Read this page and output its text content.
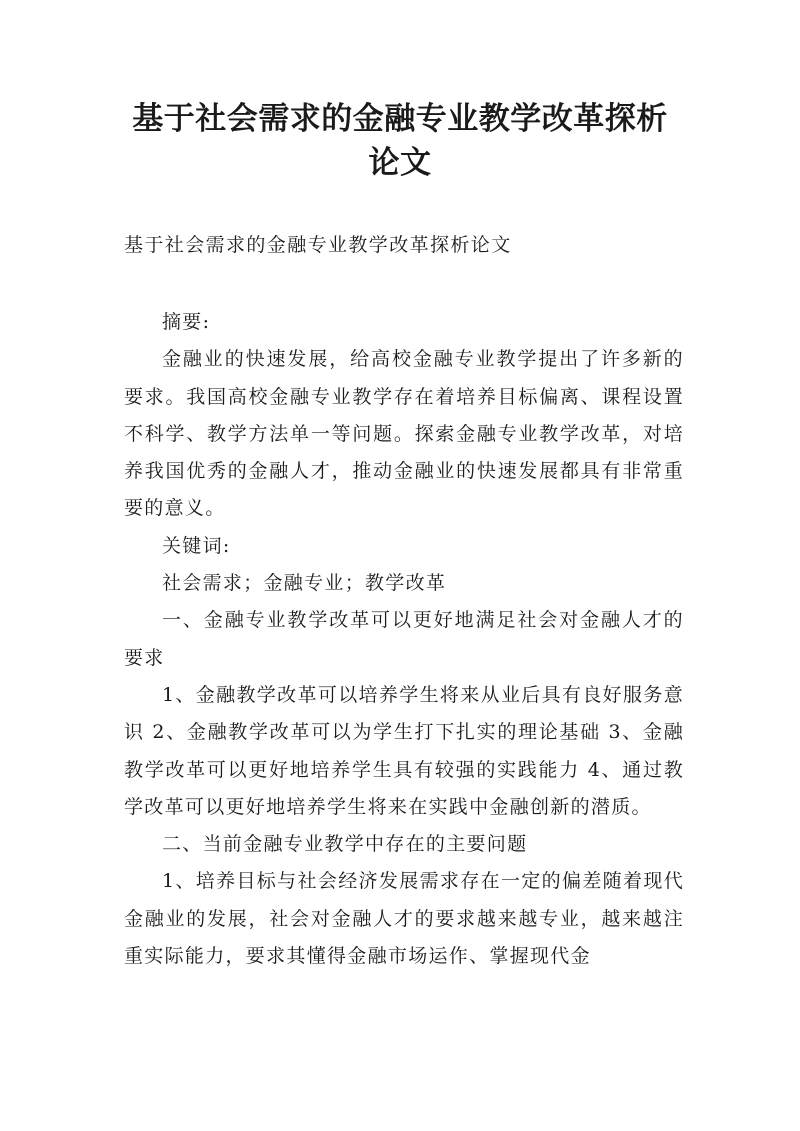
基于社会需求的金融专业教学改革探析论文
基于社会需求的金融专业教学改革探析论文

摘要:

金融业的快速发展，给高校金融专业教学提出了许多新的要求。我国高校金融专业教学存在着培养目标偏离、课程设置不科学、教学方法单一等问题。探索金融专业教学改革，对培养我国优秀的金融人才，推动金融业的快速发展都具有非常重要的意义。

关键词:

社会需求；金融专业；教学改革

一、金融专业教学改革可以更好地满足社会对金融人才的要求

1、金融教学改革可以培养学生将来从业后具有良好服务意识 2、金融教学改革可以为学生打下扎实的理论基础 3、金融教学改革可以更好地培养学生具有较强的实践能力 4、通过教学改革可以更好地培养学生将来在实践中金融创新的潜质。

二、当前金融专业教学中存在的主要问题

1、培养目标与社会经济发展需求存在一定的偏差随着现代金融业的发展，社会对金融人才的要求越来越专业，越来越注重实际能力，要求其懂得金融市场运作、掌握现代金
